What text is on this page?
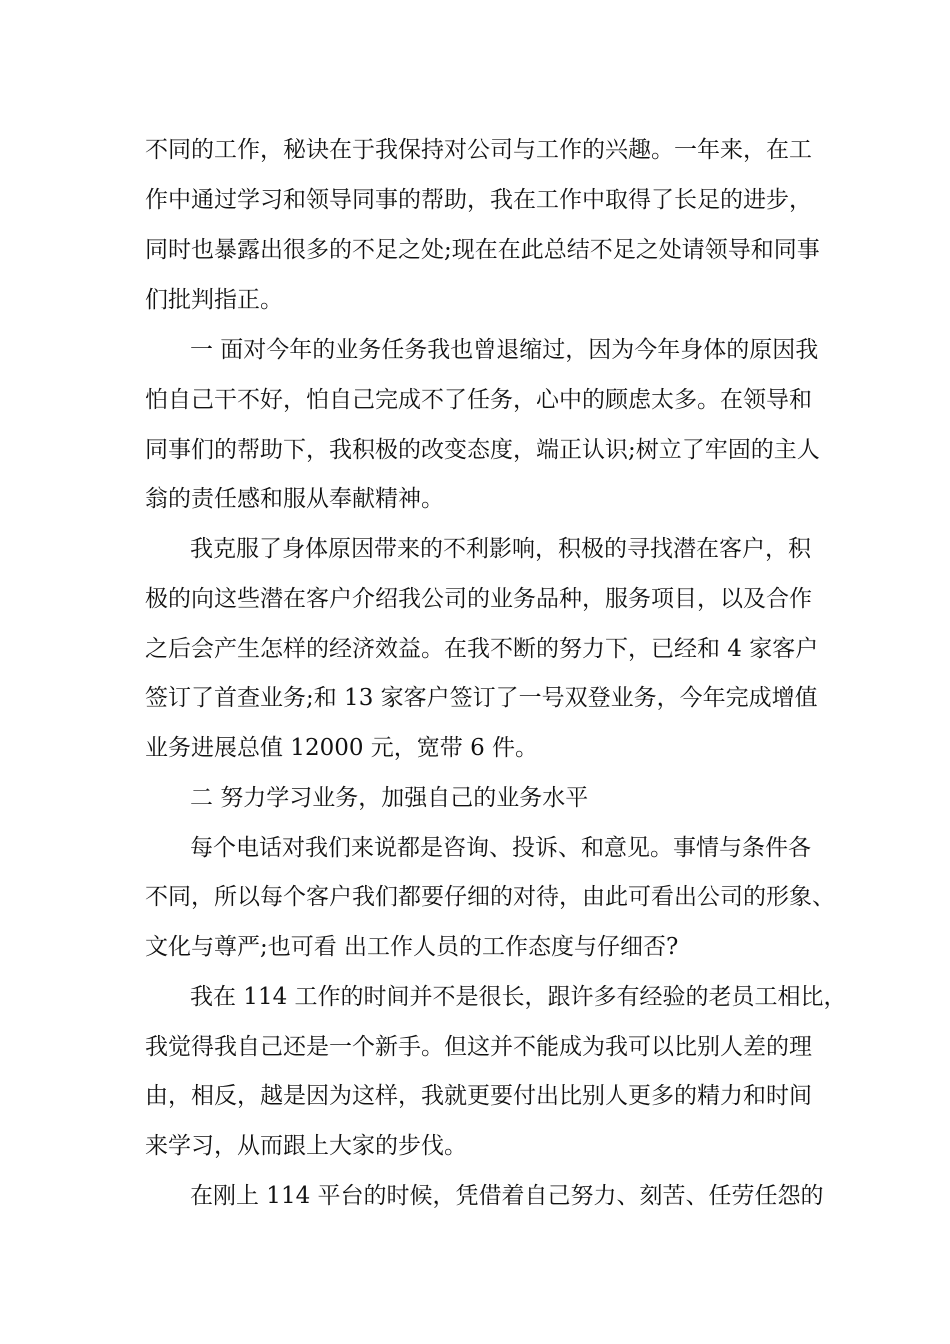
不同的工作，秘诀在于我保持对公司与工作的兴趣。一年来，在工
作中通过学习和领导同事的帮助，我在工作中取得了长足的进步，
同时也暴露出很多的不足之处;现在在此总结不足之处请领导和同事
们批判指正。
一 面对今年的业务任务我也曾退缩过，因为今年身体的原因我
怕自己干不好，怕自己完成不了任务，心中的顾虑太多。在领导和
同事们的帮助下，我积极的改变态度，端正认识;树立了牢固的主人
翁的责任感和服从奉献精神。
我克服了身体原因带来的不利影响，积极的寻找潜在客户，积
极的向这些潜在客户介绍我公司的业务品种，服务项目，以及合作
之后会产生怎样的经济效益。在我不断的努力下，已经和 4 家客户
签订了首查业务;和 13 家客户签订了一号双登业务，今年完成增值
业务进展总值 12000 元，宽带 6 件。
二 努力学习业务，加强自己的业务水平
每个电话对我们来说都是咨询、投诉、和意见。事情与条件各
不同，所以每个客户我们都要仔细的对待，由此可看出公司的形象、
文化与尊严;也可看 出工作人员的工作态度与仔细否?
我在 114 工作的时间并不是很长，跟许多有经验的老员工相比，
我觉得我自己还是一个新手。但这并不能成为我可以比别人差的理
由，相反，越是因为这样，我就更要付出比别人更多的精力和时间
来学习，从而跟上大家的步伐。
在刚上 114 平台的时候，凭借着自己努力、刻苦、任劳任怨的
